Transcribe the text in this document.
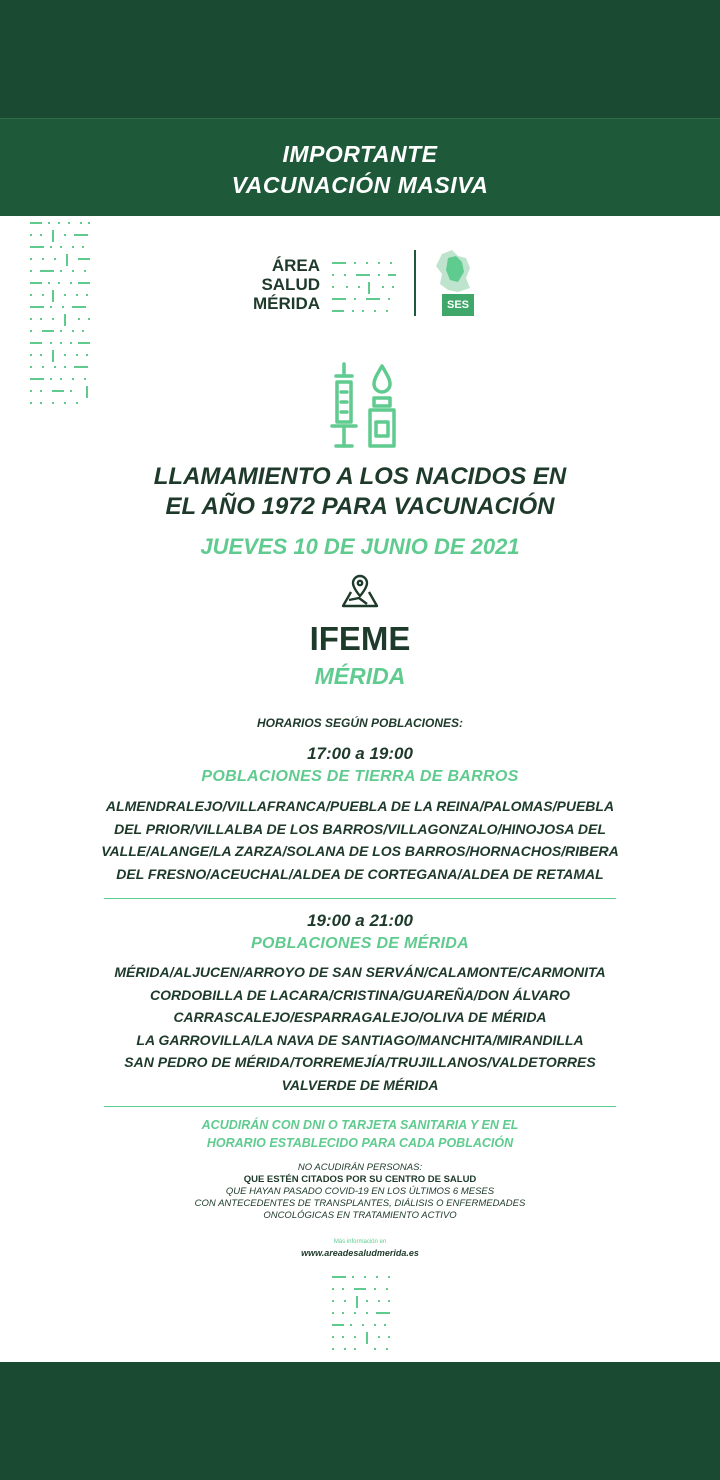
IMPORTANTE
VACUNACIÓN MASIVA
ÁREA
SALUD
MÉRIDA	SES
LLAMAMIENTO A LOS NACIDOS EN
EL AÑO 1972 PARA VACUNACIÓN
JUEVES 10 DE JUNIO DE 2021
IFEME
MÉRIDA
HORARIOS SEGÚN POBLACIONES:
17:00 a 19:00
POBLACIONES DE TIERRA DE BARROS
ALMENDRALEJO/VILLAFRANCA/PUEBLA DE LA REINA/PALOMAS/PUEBLA
DEL PRIOR/VILLALBA DE LOS BARROS/VILLAGONZALO/HINOJOSA DEL
VALLE/ALANGE/LA ZARZA/SOLANA DE LOS BARROS/HORNACHOS/RIBERA
DEL FRESNO/ACEUCHAL/ALDEA DE CORTEGANA/ALDEA DE RETAMAL
19:00 a 21:00
POBLACIONES DE MÉRIDA
MÉRIDA/ALJUCEN/ARROYO DE SAN SERVÁN/CALAMONTE/CARMONITA
CORDOBILLA DE LACARA/CRISTINA/GUAREÑA/DON ÁLVARO
CARRASCALEJO/ESPARRAGALEJO/OLIVA DE MÉRIDA
LA GARROVILLA/LA NAVA DE SANTIAGO/MANCHITA/MIRANDILLA
SAN PEDRO DE MÉRIDA/TORREMEJÍA/TRUJILLANOS/VALDETORRES
VALVERDE DE MÉRIDA
ACUDIRÁN CON DNI O TARJETA SANITARIA Y EN EL
HORARIO ESTABLECIDO PARA CADA POBLACIÓN
NO ACUDIRÁN PERSONAS:
QUE ESTÉN CITADOS POR SU CENTRO DE SALUD
QUE HAYAN PASADO COVID-19 EN LOS ÚLTIMOS 6 MESES
CON ANTECEDENTES DE TRANSPLANTES, DIÁLISIS O ENFERMEDADES
ONCOLÓGICAS EN TRATAMIENTO ACTIVO
Más información en
www.areadesaludmerida.es
